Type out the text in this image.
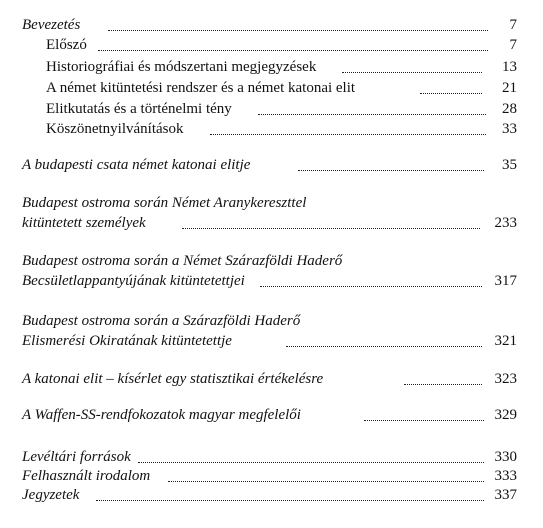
Bevezetés	7
Előszó	7
Historiográfiai és módszertani megjegyzések	13
A német kitüntetési rendszer és a német katonai elit	21
Elitkutatás és a történelmi tény	28
Köszönetnyilvánítások	33
A budapesti csata német katonai elitje	35
Budapest ostroma során Német Aranykereszttel
kitüntetett személyek	233
Budapest ostroma során a Német Szárazföldi Haderő
Becsületlappantyújának kitüntetettjei	317
Budapest ostroma során a Szárazföldi Haderő
Elismerési Okiratának kitüntetettje	321
A katonai elit – kísérlet egy statisztikai értékelésre	323
A Waffen-SS-rendfokozatok magyar megfelelői	329
Levéltári források	330
Felhasznált irodalom	333
Jegyzetek	337
